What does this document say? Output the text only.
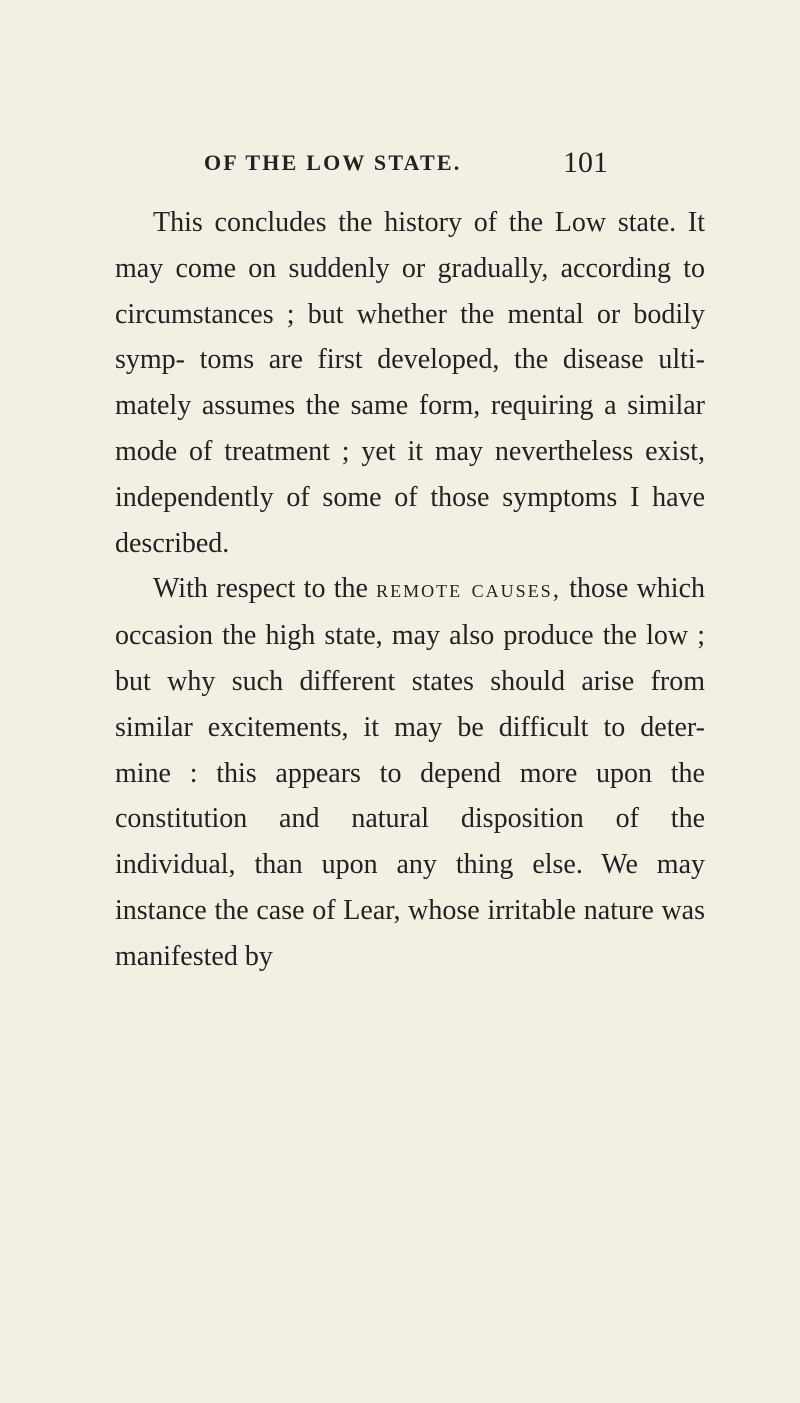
OF THE LOW STATE.	101

This concludes the history of the Low state. It may come on suddenly or gradually, according to circumstances ; but whether the mental or bodily symp- toms are first developed, the disease ulti- mately assumes the same form, requiring a similar mode of treatment ; yet it may nevertheless exist, independently of some of those symptoms I have described.

With respect to the remote causes, those which occasion the high state, may also produce the low ; but why such different states should arise from similar excitements, it may be difficult to deter- mine : this appears to depend more upon the constitution and natural disposition of the individual, than upon any thing else. We may instance the case of Lear, whose irritable nature was manifested by
